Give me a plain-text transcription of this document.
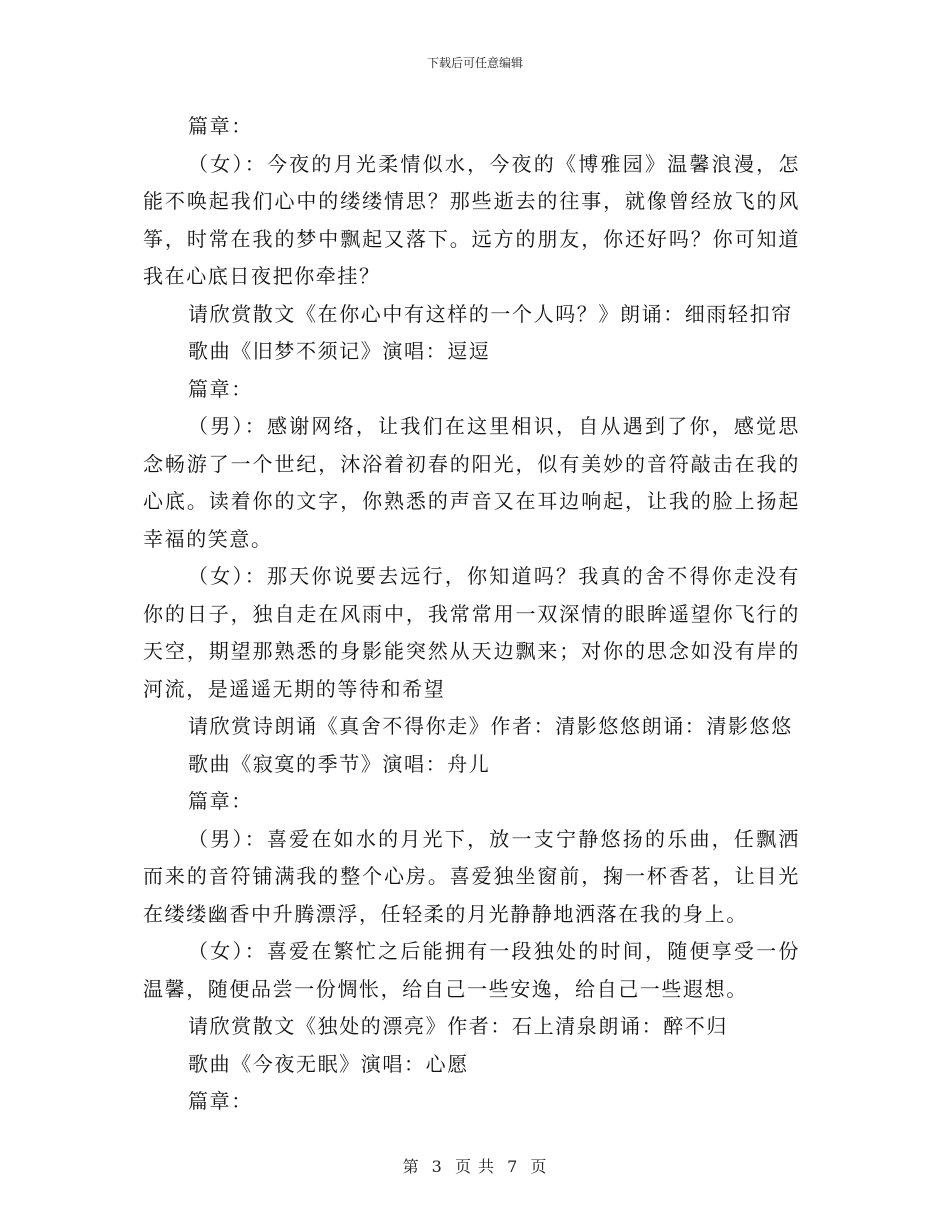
下载后可任意编辑

篇章：

（女）：今夜的月光柔情似水，今夜的《博雅园》温馨浪漫，怎能不唤起我们心中的缕缕情思？那些逝去的往事，就像曾经放飞的风筝，时常在我的梦中飘起又落下。远方的朋友，你还好吗？你可知道我在心底日夜把你牵挂？

请欣赏散文《在你心中有这样的一个人吗？》朗诵：细雨轻扣帘

歌曲《旧梦不须记》演唱：逗逗

篇章：

（男）：感谢网络，让我们在这里相识，自从遇到了你，感觉思念畅游了一个世纪，沐浴着初春的阳光，似有美妙的音符敲击在我的心底。读着你的文字，你熟悉的声音又在耳边响起，让我的脸上扬起幸福的笑意。

（女）：那天你说要去远行，你知道吗？我真的舍不得你走没有你的日子，独自走在风雨中，我常常用一双深情的眼眸遥望你飞行的天空，期望那熟悉的身影能突然从天边飘来；对你的思念如没有岸的河流，是遥遥无期的等待和希望

请欣赏诗朗诵《真舍不得你走》作者：清影悠悠朗诵：清影悠悠

歌曲《寂寞的季节》演唱：舟儿

篇章：

（男）：喜爱在如水的月光下，放一支宁静悠扬的乐曲，任飘洒而来的音符铺满我的整个心房。喜爱独坐窗前，掬一杯香茗，让目光在缕缕幽香中升腾漂浮，任轻柔的月光静静地洒落在我的身上。

（女）：喜爱在繁忙之后能拥有一段独处的时间，随便享受一份温馨，随便品尝一份惆怅，给自己一些安逸，给自己一些遐想。

请欣赏散文《独处的漂亮》作者：石上清泉朗诵：醉不归

歌曲《今夜无眠》演唱：心愿

篇章：

第 3 页 共 7 页
